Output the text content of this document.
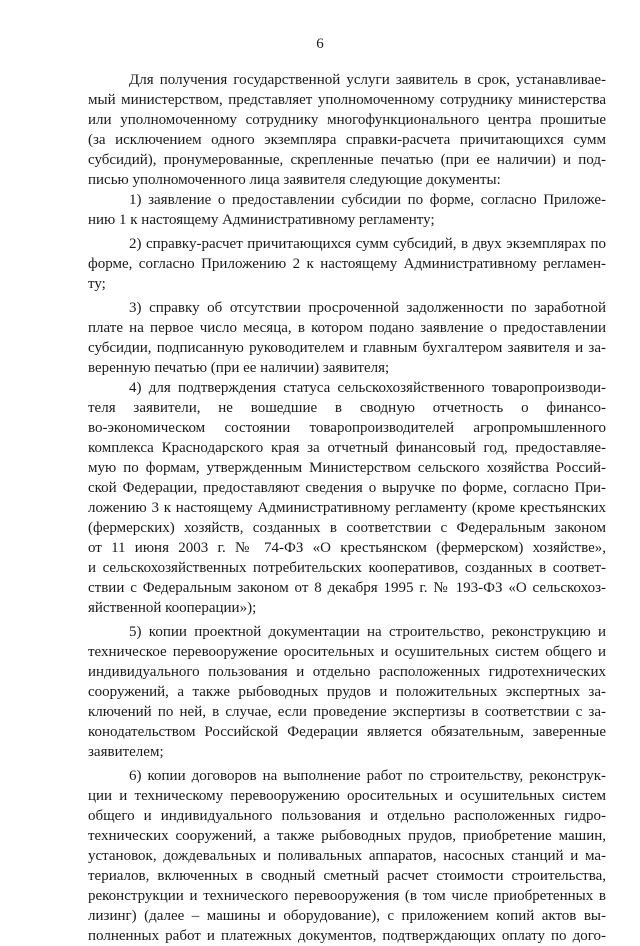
6
Для получения государственной услуги заявитель в срок, устанавливае-
мый министерством, представляет уполномоченному сотруднику министерства
или уполномоченному сотруднику многофункционального центра прошитые
(за исключением одного экземпляра справки-расчета причитающихся сумм
субсидий), пронумерованные, скрепленные печатью (при ее наличии) и под-
писью уполномоченного лица заявителя следующие документы:
1) заявление о предоставлении субсидии по форме, согласно Приложе-
нию 1 к настоящему Административному регламенту;
2) справку-расчет причитающихся сумм субсидий, в двух экземплярах по
форме, согласно Приложению 2 к настоящему Административному регламен-
ту;
3) справку об отсутствии просроченной задолженности по заработной
плате на первое число месяца, в котором подано заявление о предоставлении
субсидии, подписанную руководителем и главным бухгалтером заявителя и за-
веренную печатью (при ее наличии) заявителя;
4) для подтверждения статуса сельскохозяйственного товаропроизводи-
теля заявители, не вошедшие в сводную отчетность о финансо-
во-экономическом состоянии товаропроизводителей агропромышленного
комплекса Краснодарского края за отчетный финансовый год, предоставляе-
мую по формам, утвержденным Министерством сельского хозяйства Россий-
ской Федерации, предоставляют сведения о выручке по форме, согласно При-
ложению 3 к настоящему Административному регламенту (кроме крестьянских
(фермерских) хозяйств, созданных в соответствии с Федеральным законом
от 11 июня 2003 г. № 74-ФЗ «О крестьянском (фермерском) хозяйстве»,
и сельскохозяйственных потребительских кооперативов, созданных в соответ-
ствии с Федеральным законом от 8 декабря 1995 г. № 193-ФЗ «О сельскохоз-
яйственной кооперации»);
5) копии проектной документации на строительство, реконструкцию и
техническое перевооружение оросительных и осушительных систем общего и
индивидуального пользования и отдельно расположенных гидротехнических
сооружений, а также рыбоводных прудов и положительных экспертных за-
ключений по ней, в случае, если проведение экспертизы в соответствии с за-
конодательством Российской Федерации является обязательным, заверенные
заявителем;
6) копии договоров на выполнение работ по строительству, реконструк-
ции и техническому перевооружению оросительных и осушительных систем
общего и индивидуального пользования и отдельно расположенных гидро-
технических сооружений, а также рыбоводных прудов, приобретение машин,
установок, дождевальных и поливальных аппаратов, насосных станций и ма-
териалов, включенных в сводный сметный расчет стоимости строительства,
реконструкции и технического перевооружения (в том числе приобретенных в
лизинг) (далее – машины и оборудование), с приложением копий актов вы-
полненных работ и платежных документов, подтверждающих оплату по дого-
